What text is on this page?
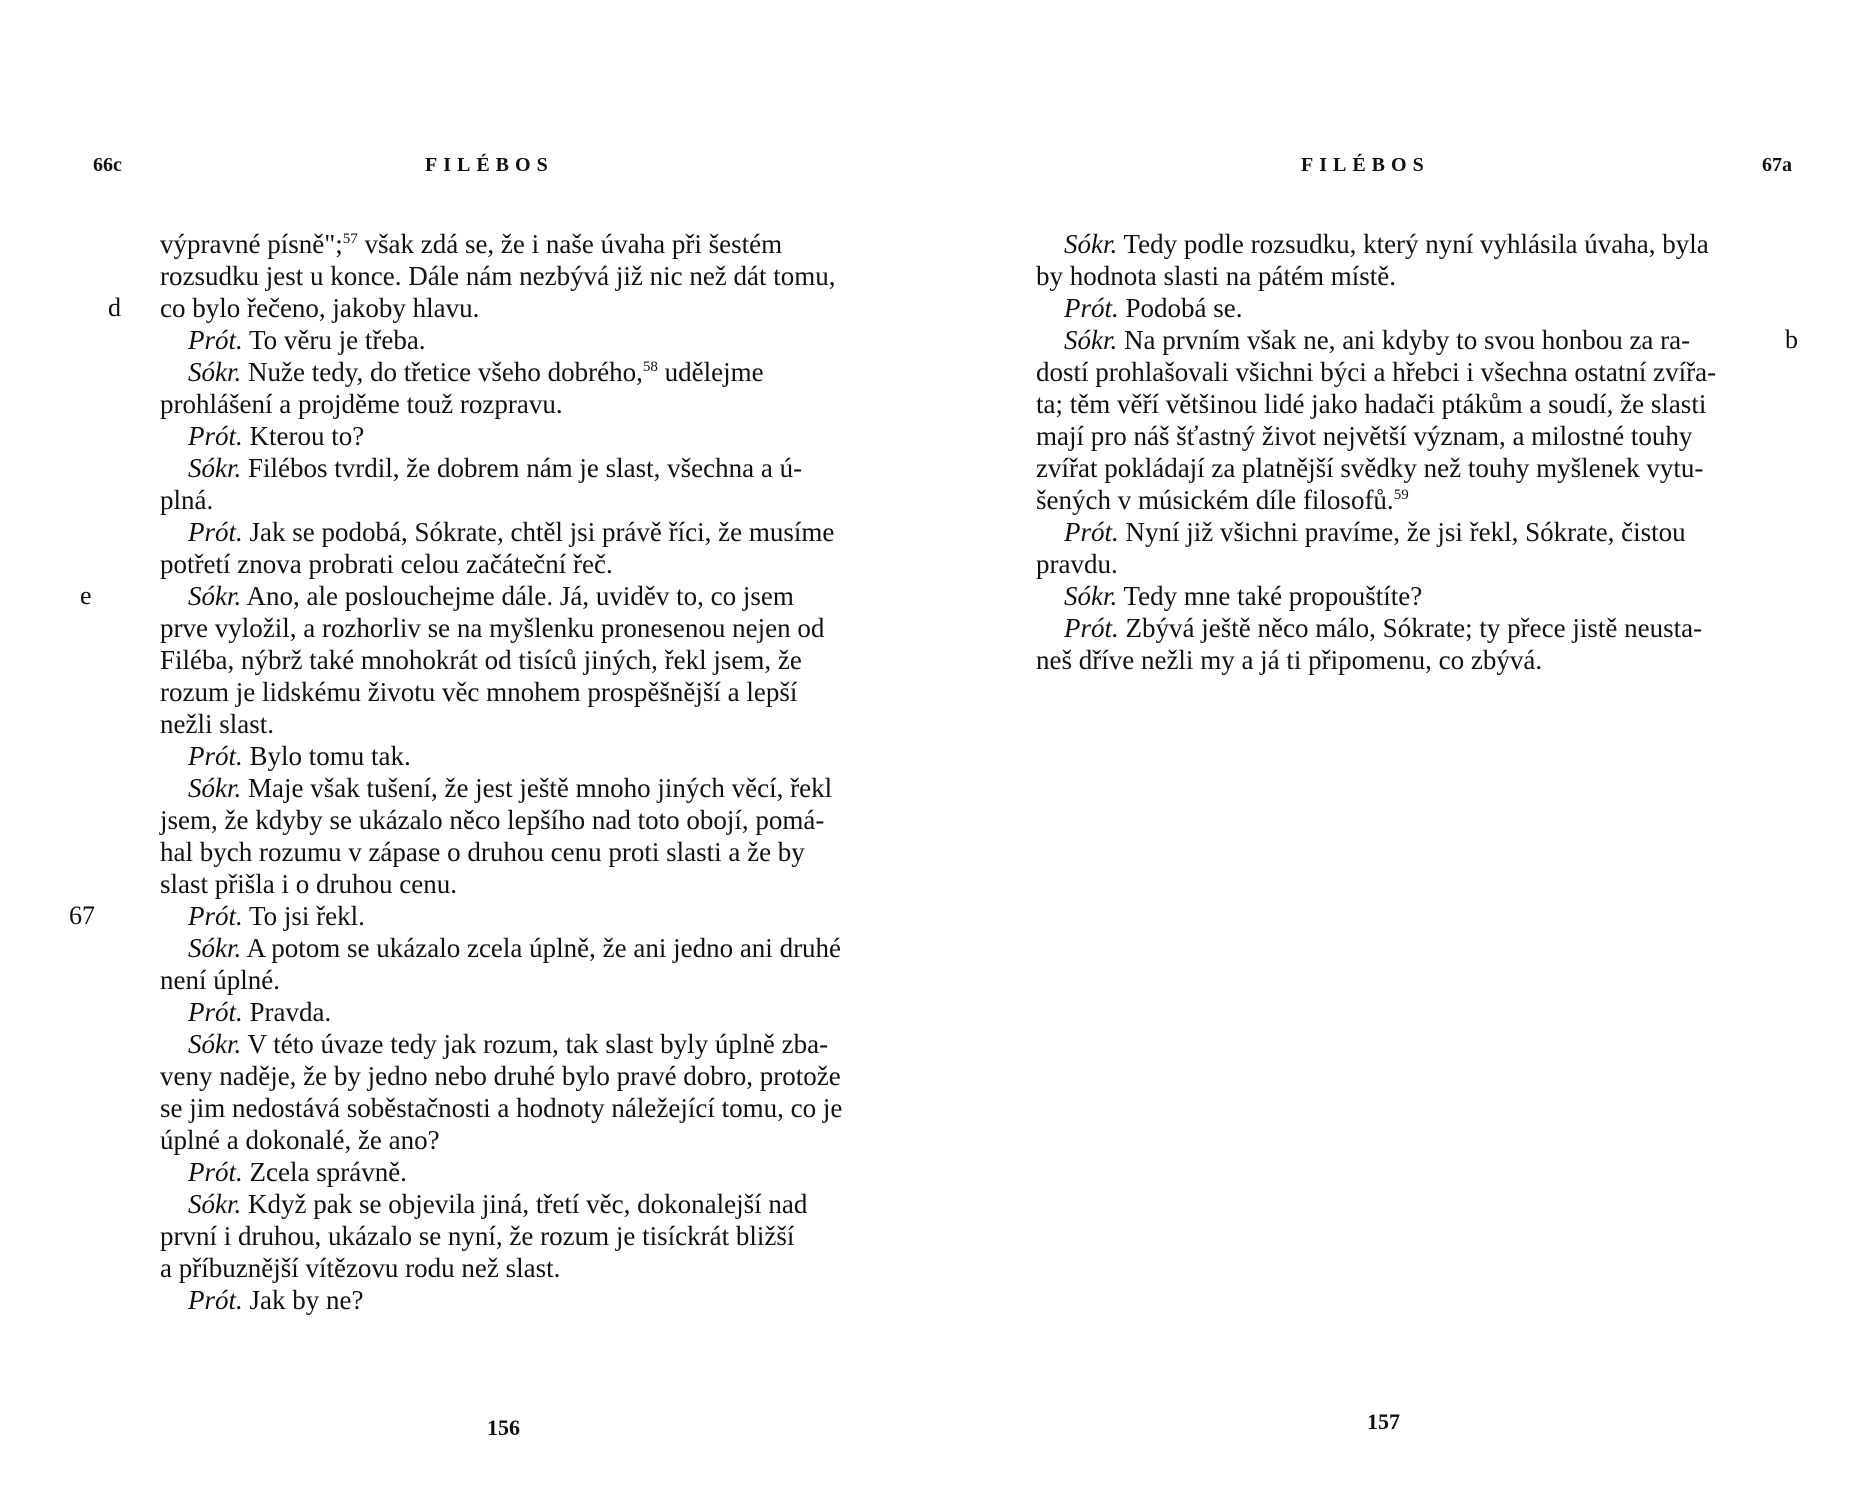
66c	FILÉBOS
výpravné písně";$^{57}$ však zdá se, že i naše úvaha při šestém
rozsudku jest u konce. Dále nám nezbývá již nic než dát tomu,
d co bylo řečeno, jakoby hlavu.
Prót. To věru je třeba.
Sókr. Nuže tedy, do třetice všeho dobrého,$^{58}$ udělejme
prohlášení a projděme touž rozpravu.
Prót. Kterou to?
Sókr. Filébos tvrdil, že dobrem nám je slast, všechna a ú-
plná.
Prót. Jak se podobá, Sókrate, chtěl jsi právě říci, že musíme
potřetí znova probrati celou začáteční řeč.
e	Sókr. Ano, ale poslouchejme dále. Já, uviděv to, co jsem
prve vyložil, a rozhorliv se na myšlenku pronesenou nejen od
Filéba, nýbrž také mnohokrát od tisíců jiných, řekl jsem, že
rozum je lidskému životu věc mnohem prospěšnější a lepší
nežli slast.
Prót. Bylo tomu tak.
Sókr. Maje však tušení, že jest ještě mnoho jiných věcí, řekl
jsem, že kdyby se ukázalo něco lepšího nad toto obojí, pomá-
hal bych rozumu v zápase o druhou cenu proti slasti a že by
slast přišla i o druhou cenu.
67	Prót. To jsi řekl.
Sókr. A potom se ukázalo zcela úplně, že ani jedno ani druhé
není úplné.
Prót. Pravda.
Sókr. V této úvaze tedy jak rozum, tak slast byly úplně zba-
veny naděje, že by jedno nebo druhé bylo pravé dobro, protože
se jim nedostává soběstačnosti a hodnoty náležející tomu, co je
úplné a dokonalé, že ano?
Prót. Zcela správně.
Sókr. Když pak se objevila jiná, třetí věc, dokonalejší nad
první i druhou, ukázalo se nyní, že rozum je tisíckrát bližší
a příbuznější vítězovu rodu než slast.
Prót. Jak by ne?
156
FILÉBOS	67a
Sókr. Tedy podle rozsudku, který nyní vyhlásila úvaha, byla
by hodnota slasti na pátém místě.
Prót. Podobá se.
Sókr. Na prvním však ne, ani kdyby to svou honbou za ra-	b
dostí prohlašovali všichni býci a hřebci i všechna ostatní zvířa-
ta; těm věří většinou lidé jako hadači ptákům a soudí, že slasti
mají pro náš šťastný život největší význam, a milostné touhy
zvířat pokládají za platnější svědky než touhy myšlenek vytu-
šených v músickém díle filosofů.$^{59}$
Prót. Nyní již všichni pravíme, že jsi řekl, Sókrate, čistou
pravdu.
Sókr. Tedy mne také propouštíte?
Prót. Zbývá ještě něco málo, Sókrate; ty přece jistě neusta-
neš dříve nežli my a já ti připomenu, co zbývá.
157
